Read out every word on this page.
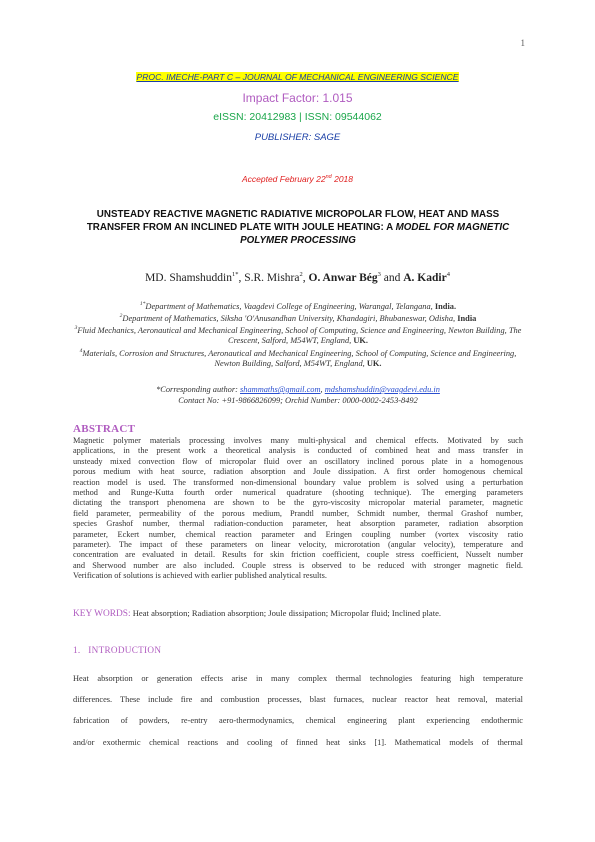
1
PROC. IMECHE-PART C – JOURNAL OF MECHANICAL ENGINEERING SCIENCE
Impact Factor: 1.015
eISSN: 20412983 | ISSN: 09544062
PUBLISHER: SAGE
Accepted February 22nd 2018
UNSTEADY REACTIVE MAGNETIC RADIATIVE MICROPOLAR FLOW, HEAT AND MASS TRANSFER FROM AN INCLINED PLATE WITH JOULE HEATING: A MODEL FOR MAGNETIC POLYMER PROCESSING
MD. Shamshuddin$^{1*}$, S.R. Mishra$^2$, O. Anwar Bég$^3$ and A. Kadir$^4$
$^{1*}$Department of Mathematics, Vaagdevi College of Engineering, Warangal, Telangana, India.
$^2$Department of Mathematics, Siksha 'O'Anusandhan University, Khandagiri, Bhubaneswar, Odisha, India
$^3$Fluid Mechanics, Aeronautical and Mechanical Engineering, School of Computing, Science and Engineering, Newton Building, The Crescent, Salford, M54WT, England, UK.
$^4$Materials, Corrosion and Structures, Aeronautical and Mechanical Engineering, School of Computing, Science and Engineering, Newton Building, Salford, M54WT, England, UK.
*Corresponding author: shammaths@gmail.com, mdshamshuddin@vaagdevi.edu.in
Contact No: +91-9866826099; Orchid Number: 0000-0002-2453-8492
ABSTRACT
Magnetic polymer materials processing involves many multi-physical and chemical effects. Motivated by such
applications, in the present work a theoretical analysis is conducted of combined heat and mass transfer in
unsteady mixed convection flow of micropolar fluid over an oscillatory inclined porous plate in a homogenous
porous medium with heat source, radiation absorption and Joule dissipation. A first order homogenous chemical
reaction model is used. The transformed non-dimensional boundary value problem is solved using a perturbation
method and Runge-Kutta fourth order numerical quadrature (shooting technique). The emerging parameters
dictating the transport phenomena are shown to be the gyro-viscosity micropolar material parameter, magnetic
field parameter, permeability of the porous medium, Prandtl number, Schmidt number, thermal Grashof number,
species Grashof number, thermal radiation-conduction parameter, heat absorption parameter, radiation absorption
parameter, Eckert number, chemical reaction parameter and Eringen coupling number (vortex viscosity ratio
parameter). The impact of these parameters on linear velocity, microrotation (angular velocity), temperature and
concentration are evaluated in detail. Results for skin friction coefficient, couple stress coefficient, Nusselt number
and Sherwood number are also included. Couple stress is observed to be reduced with stronger magnetic field.
Verification of solutions is achieved with earlier published analytical results.
KEY WORDS: Heat absorption; Radiation absorption; Joule dissipation; Micropolar fluid; Inclined plate.
1.   INTRODUCTION
Heat absorption or generation effects arise in many complex thermal technologies featuring high temperature
differences. These include fire and combustion processes, blast furnaces, nuclear reactor heat removal, material
fabrication of powders, re-entry aero-thermodynamics, chemical engineering plant experiencing endothermic
and/or exothermic chemical reactions and cooling of finned heat sinks [1]. Mathematical models of thermal
